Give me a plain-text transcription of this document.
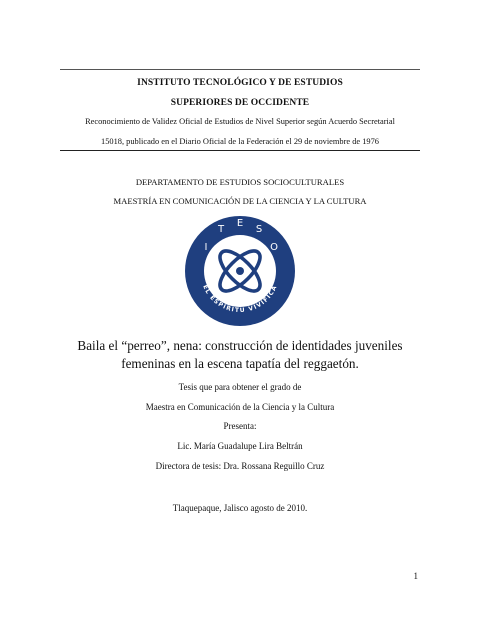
INSTITUTO TECNOLÓGICO Y DE ESTUDIOS
SUPERIORES DE OCCIDENTE
Reconocimiento de Validez Oficial de Estudios de Nivel Superior según Acuerdo Secretarial
15018, publicado en el Diario Oficial de la Federación el 29 de noviembre de 1976
DEPARTAMENTO DE ESTUDIOS SOCIOCULTURALES
MAESTRÍA EN COMUNICACIÓN DE LA CIENCIA Y LA CULTURA
I
T
E
S
O
EL ESPIRITU VIVIFICA
Baila el “perreo”, nena: construcción de identidades juveniles
femeninas en la escena tapatía del reggaetón.
Tesis que para obtener el grado de
Maestra en Comunicación de la Ciencia y la Cultura
Presenta:
Lic. María Guadalupe Lira Beltrán
Directora de tesis: Dra. Rossana Reguillo Cruz
Tlaquepaque, Jalisco agosto de 2010.
1
